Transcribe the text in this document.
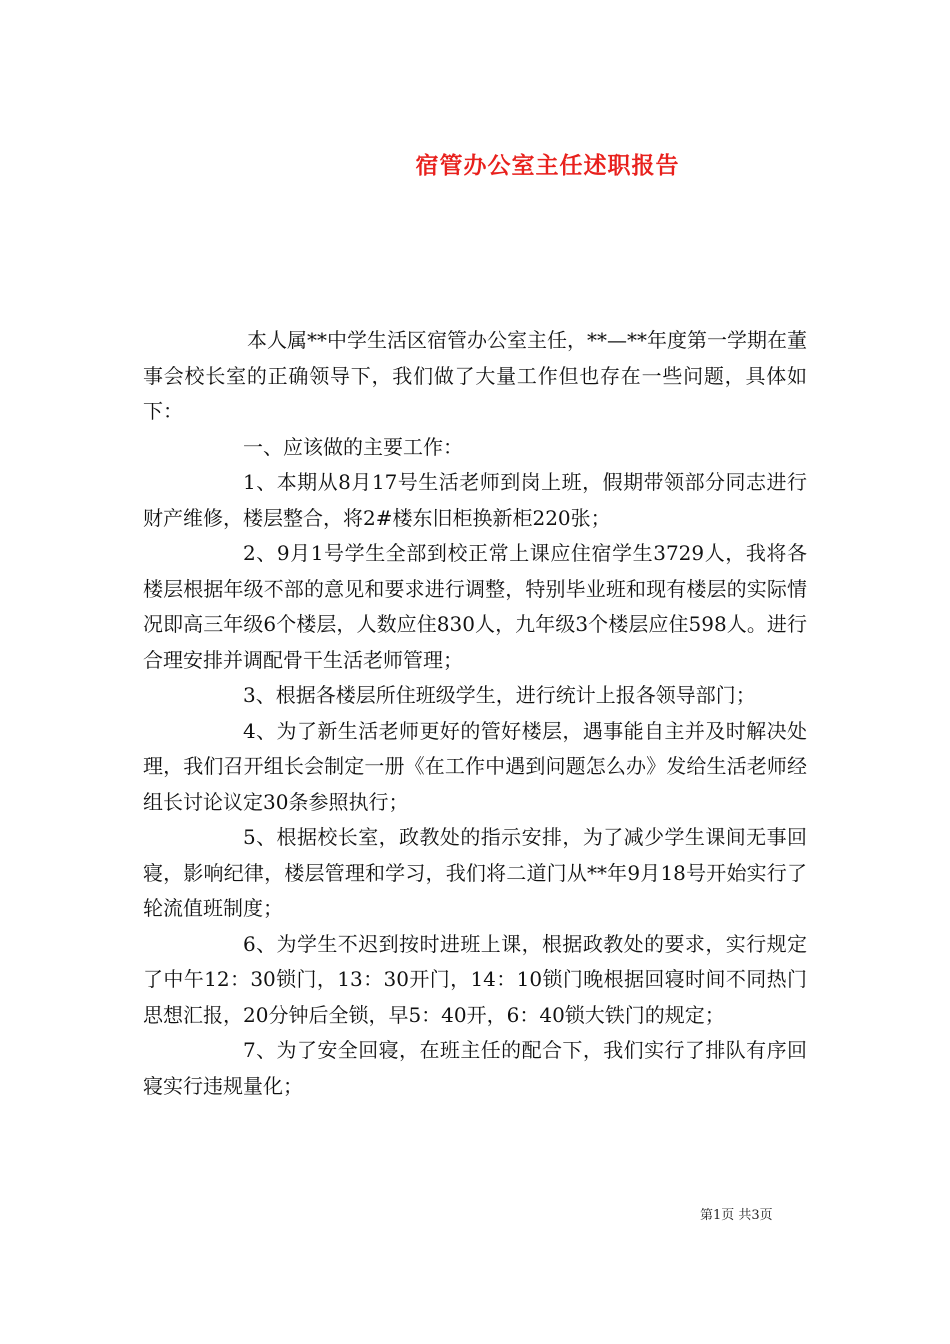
宿管办公室主任述职报告

本人属**中学生活区宿管办公室主任，**—**年度第一学期在董事会校长室的正确领导下，我们做了大量工作但也存在一些问题，具体如下：

一、应该做的主要工作：

1、本期从8月17号生活老师到岗上班，假期带领部分同志进行财产维修，楼层整合，将2#楼东旧柜换新柜220张；

2、9月1号学生全部到校正常上课应住宿学生3729人，我将各楼层根据年级不部的意见和要求进行调整，特别毕业班和现有楼层的实际情况即高三年级6个楼层，人数应住830人，九年级3个楼层应住598人。进行合理安排并调配骨干生活老师管理；

3、根据各楼层所住班级学生，进行统计上报各领导部门；

4、为了新生活老师更好的管好楼层，遇事能自主并及时解决处理，我们召开组长会制定一册《在工作中遇到问题怎么办》发给生活老师经组长讨论议定30条参照执行；

5、根据校长室，政教处的指示安排，为了减少学生课间无事回寝，影响纪律，楼层管理和学习，我们将二道门从**年9月18号开始实行了轮流值班制度；

6、为学生不迟到按时进班上课，根据政教处的要求，实行规定了中午12：30锁门，13：30开门，14：10锁门晚根据回寝时间不同热门思想汇报，20分钟后全锁，早5：40开，6：40锁大铁门的规定；

7、为了安全回寝，在班主任的配合下，我们实行了排队有序回寝实行违规量化；

第1页 共3页
